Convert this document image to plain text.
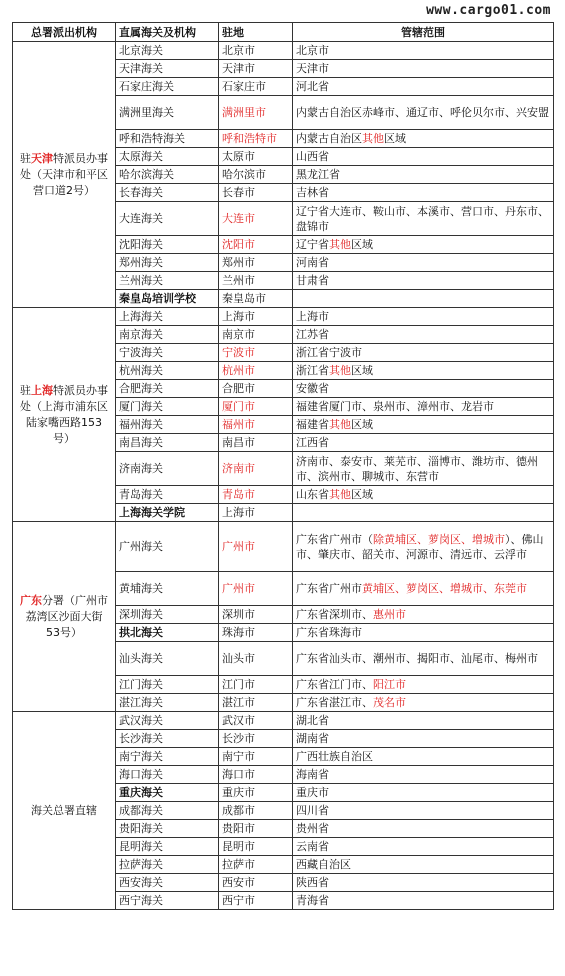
www.cargo01.com
总署派出机构	直属海关及机构	驻地	管辖范围
驻天津特派员办事处（天津市和平区营口道2号）	北京海关	北京市	北京市
	天津海关	天津市	天津市
	石家庄海关	石家庄市	河北省
	满洲里海关	满洲里市	内蒙古自治区赤峰市、通辽市、呼伦贝尔市、兴安盟
	呼和浩特海关	呼和浩特市	内蒙古自治区其他区域
	太原海关	太原市	山西省
	哈尔滨海关	哈尔滨市	黑龙江省
	长春海关	长春市	吉林省
	大连海关	大连市	辽宁省大连市、鞍山市、本溪市、营口市、丹东市、盘锦市
	沈阳海关	沈阳市	辽宁省其他区域
	郑州海关	郑州市	河南省
	兰州海关	兰州市	甘肃省
	秦皇岛培训学校	秦皇岛市	
驻上海特派员办事处（上海市浦东区陆家嘴西路153号）	上海海关	上海市	上海市
	南京海关	南京市	江苏省
	宁波海关	宁波市	浙江省宁波市
	杭州海关	杭州市	浙江省其他区域
	合肥海关	合肥市	安徽省
	厦门海关	厦门市	福建省厦门市、泉州市、漳州市、龙岩市
	福州海关	福州市	福建省其他区域
	南昌海关	南昌市	江西省
	济南海关	济南市	济南市、泰安市、莱芜市、淄博市、潍坊市、德州市、滨州市、聊城市、东营市
	青岛海关	青岛市	山东省其他区域
	上海海关学院	上海市	
广东分署（广州市荔湾区沙面大街53号）	广州海关	广州市	广东省广州市（除黄埔区、萝岗区、增城市）、佛山市、肇庆市、韶关市、河源市、清远市、云浮市
	黄埔海关	广州市	广东省广州市黄埔区、萝岗区、增城市、东莞市
	深圳海关	深圳市	广东省深圳市、惠州市
	拱北海关	珠海市	广东省珠海市
	汕头海关	汕头市	广东省汕头市、潮州市、揭阳市、汕尾市、梅州市
	江门海关	江门市	广东省江门市、阳江市
	湛江海关	湛江市	广东省湛江市、茂名市
海关总署直辖	武汉海关	武汉市	湖北省
	长沙海关	长沙市	湖南省
	南宁海关	南宁市	广西壮族自治区
	海口海关	海口市	海南省
	重庆海关	重庆市	重庆市
	成都海关	成都市	四川省
	贵阳海关	贵阳市	贵州省
	昆明海关	昆明市	云南省
	拉萨海关	拉萨市	西藏自治区
	西安海关	西安市	陕西省
	西宁海关	西宁市	青海省
